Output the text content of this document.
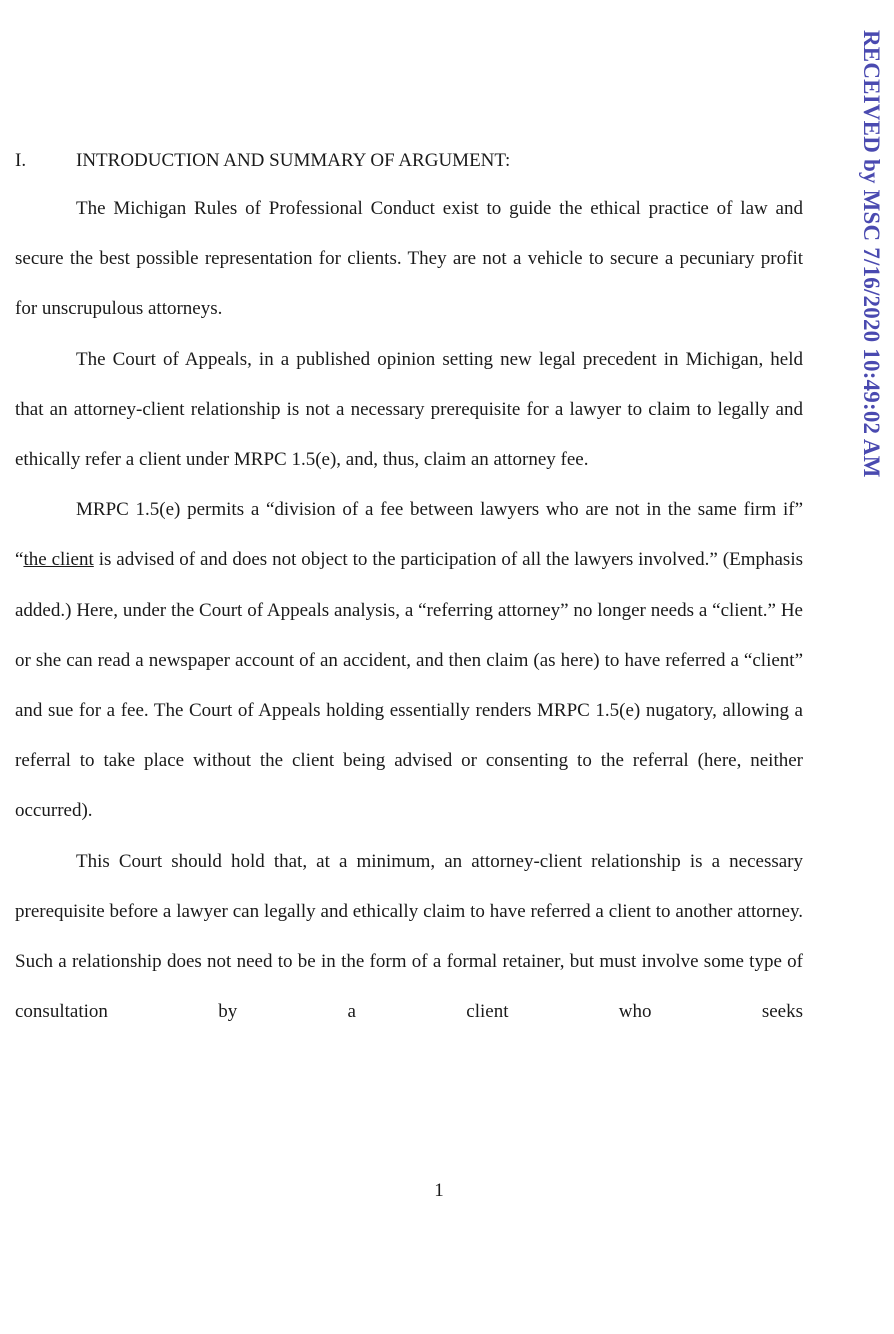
RECEIVED by MSC 7/16/2020 10:49:02 AM
I.	INTRODUCTION AND SUMMARY OF ARGUMENT:

The Michigan Rules of Professional Conduct exist to guide the ethical practice of law and secure the best possible representation for clients. They are not a vehicle to secure a pecuniary profit for unscrupulous attorneys.

The Court of Appeals, in a published opinion setting new legal precedent in Michigan, held that an attorney-client relationship is not a necessary prerequisite for a lawyer to claim to legally and ethically refer a client under MRPC 1.5(e), and, thus, claim an attorney fee.

MRPC 1.5(e) permits a “division of a fee between lawyers who are not in the same firm if” “the client is advised of and does not object to the participation of all the lawyers involved.” (Emphasis added.) Here, under the Court of Appeals analysis, a “referring attorney” no longer needs a “client.” He or she can read a newspaper account of an accident, and then claim (as here) to have referred a “client” and sue for a fee. The Court of Appeals holding essentially renders MRPC 1.5(e) nugatory, allowing a referral to take place without the client being advised or consenting to the referral (here, neither occurred).

This Court should hold that, at a minimum, an attorney-client relationship is a necessary prerequisite before a lawyer can legally and ethically claim to have referred a client to another attorney. Such a relationship does not need to be in the form of a formal retainer, but must involve some type of consultation by a client who seeks

1
